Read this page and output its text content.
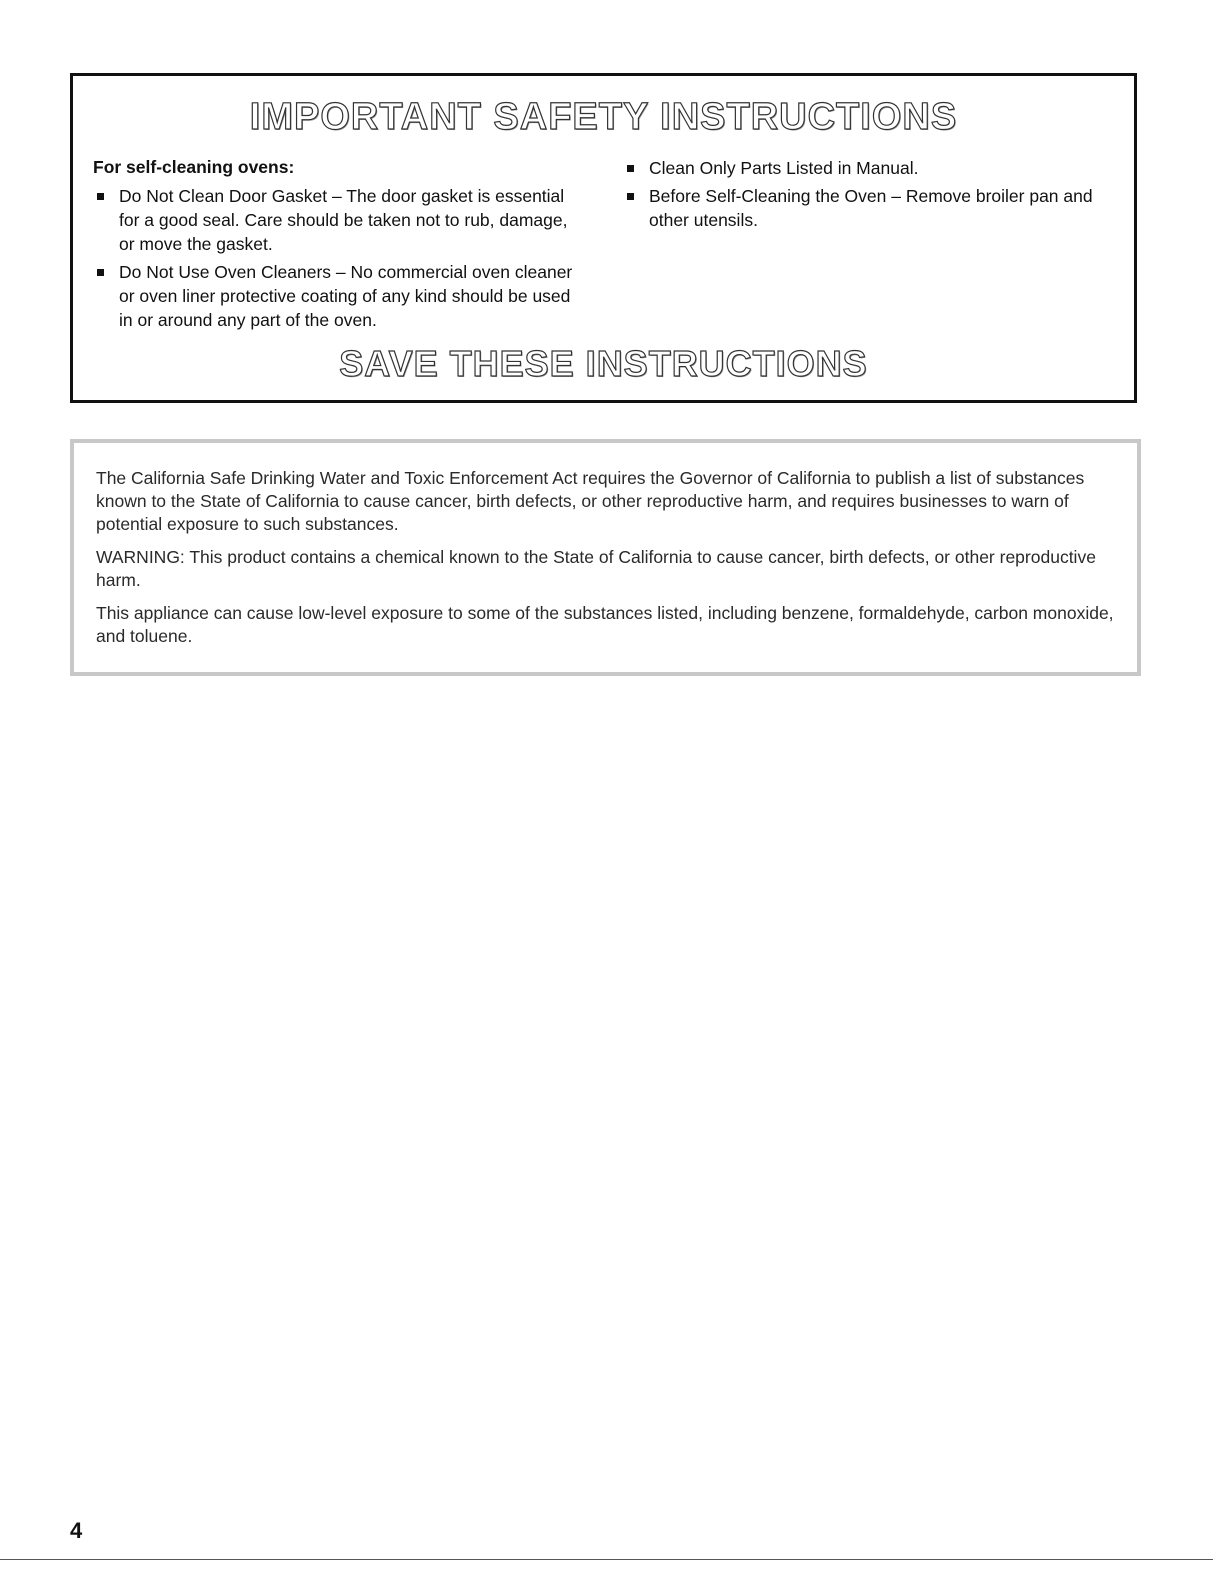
IMPORTANT SAFETY INSTRUCTIONS
For self-cleaning ovens:
Do Not Clean Door Gasket – The door gasket is essential for a good seal. Care should be taken not to rub, damage, or move the gasket.
Do Not Use Oven Cleaners – No commercial oven cleaner or oven liner protective coating of any kind should be used in or around any part of the oven.
Clean Only Parts Listed in Manual.
Before Self-Cleaning the Oven – Remove broiler pan and other utensils.
SAVE THESE INSTRUCTIONS

The California Safe Drinking Water and Toxic Enforcement Act requires the Governor of California to publish a list of substances known to the State of California to cause cancer, birth defects, or other reproductive harm, and requires businesses to warn of potential exposure to such substances.

WARNING: This product contains a chemical known to the State of California to cause cancer, birth defects, or other reproductive harm.

This appliance can cause low-level exposure to some of the substances listed, including benzene, formaldehyde, carbon monoxide, and toluene.

4
